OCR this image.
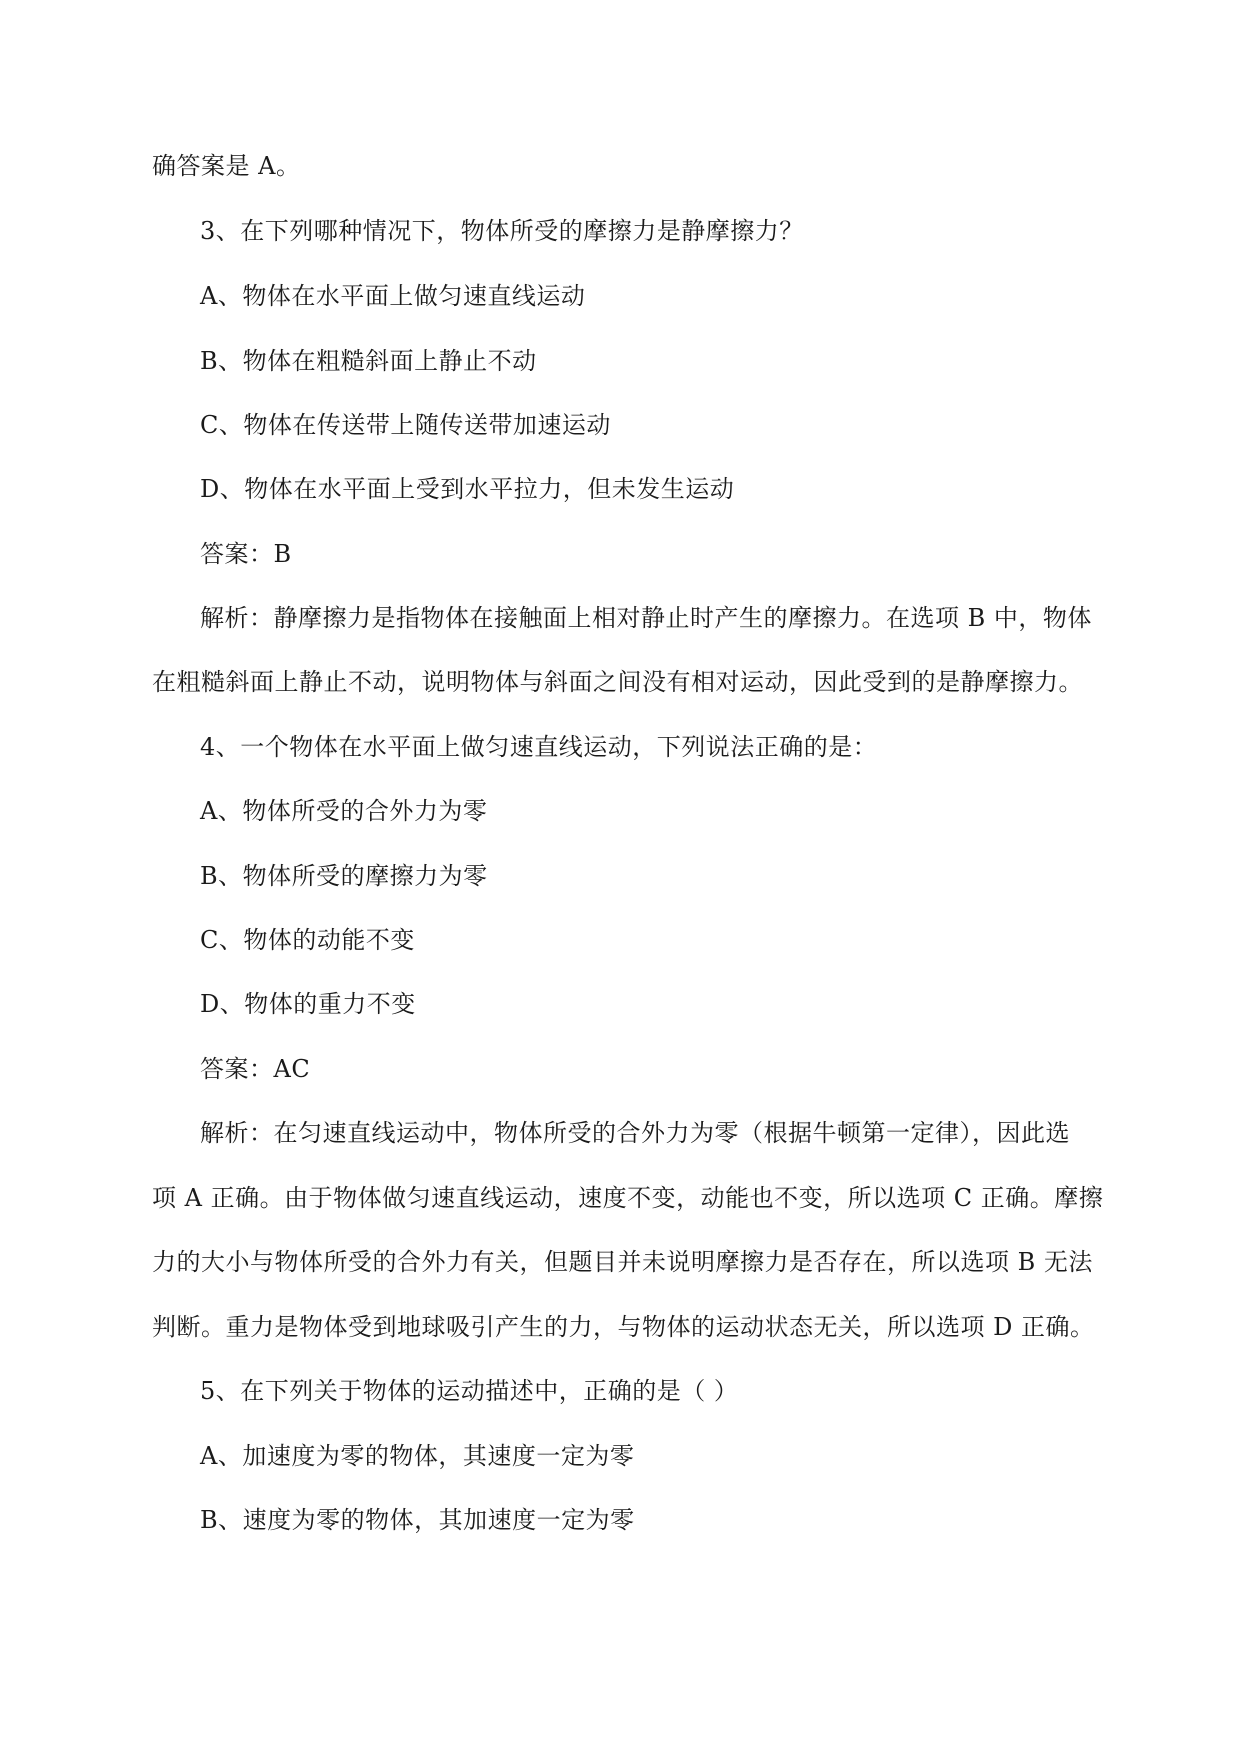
确答案是 A。
3、在下列哪种情况下，物体所受的摩擦力是静摩擦力？
A、物体在水平面上做匀速直线运动
B、物体在粗糙斜面上静止不动
C、物体在传送带上随传送带加速运动
D、物体在水平面上受到水平拉力，但未发生运动
答案：B
解析：静摩擦力是指物体在接触面上相对静止时产生的摩擦力。在选项 B 中，物体
在粗糙斜面上静止不动，说明物体与斜面之间没有相对运动，因此受到的是静摩擦力。
4、一个物体在水平面上做匀速直线运动，下列说法正确的是：
A、物体所受的合外力为零
B、物体所受的摩擦力为零
C、物体的动能不变
D、物体的重力不变
答案：AC
解析：在匀速直线运动中，物体所受的合外力为零（根据牛顿第一定律），因此选
项 A 正确。由于物体做匀速直线运动，速度不变，动能也不变，所以选项 C 正确。摩擦
力的大小与物体所受的合外力有关，但题目并未说明摩擦力是否存在，所以选项 B 无法
判断。重力是物体受到地球吸引产生的力，与物体的运动状态无关，所以选项 D 正确。
5、在下列关于物体的运动描述中，正确的是（ ）
A、加速度为零的物体，其速度一定为零
B、速度为零的物体，其加速度一定为零
